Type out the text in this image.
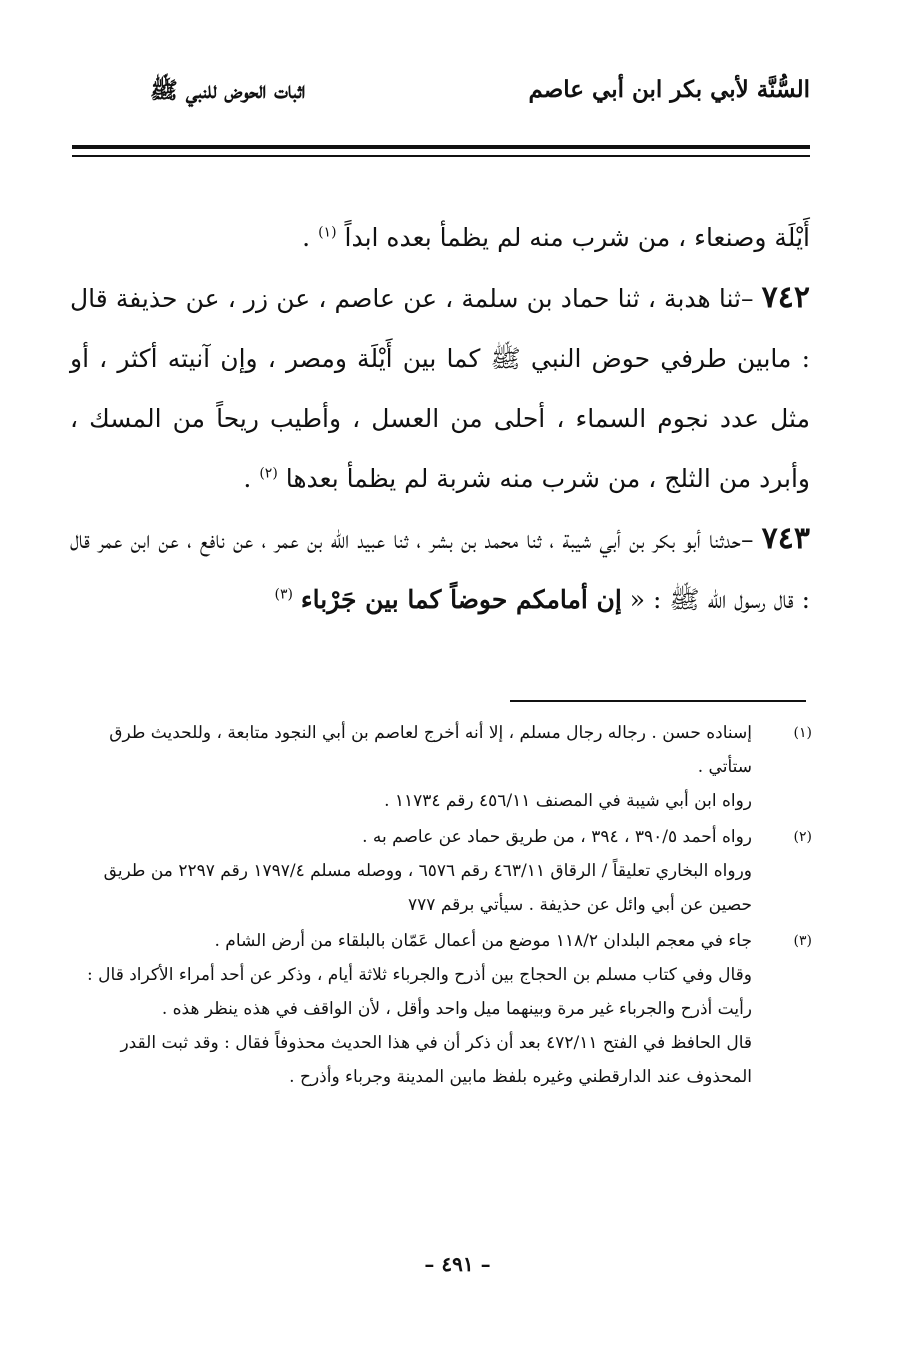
السُّنَّة لأبي بكر ابن أبي عاصم
اثبات الحوض للنبي ﷺ

أَيْلَة وصنعاء ، من شرب منه لم يظمأ بعده ابداً $^{(١)}$ .

٧٤٢ –ثنا هدبة ، ثنا حماد بن سلمة ، عن عاصم ، عن زر ، عن حذيفة قال : مابين طرفي حوض النبي ﷺ كما بين أَيْلَة ومصر ، وإن آنيته أكثر ، أو مثل عدد نجوم السماء ، أحلى من العسل ، وأطيب ريحاً من المسك ، وأبرد من الثلج ، من شرب منه شربة لم يظمأ بعدها $^{(٢)}$ .

٧٤٣ –حدثنا أبو بكر بن أبي شيبة ، ثنا محمد بن بشر ، ثنا عبيد الله بن عمر ، عن نافع ، عن ابن عمر قال : قال رسول الله ﷺ : « إن أمامكم حوضاً كما بين جَرْباء $^{(٣)}$

(١)
إسناده حسن . رجاله رجال مسلم ، إلا أنه أخرج لعاصم بن أبي النجود متابعة ، وللحديث طرق ستأتي .
رواه ابن أبي شيبة في المصنف ٤٥٦/١١ رقم ١١٧٣٤ .
(٢)
رواه أحمد ٣٩٠/٥ ، ٣٩٤ ، من طريق حماد عن عاصم به .
ورواه البخاري تعليقاً / الرقاق ٤٦٣/١١ رقم ٦٥٧٦ ، ووصله مسلم ١٧٩٧/٤ رقم ٢٢٩٧ من طريق حصين عن أبي وائل عن حذيفة . سيأتي برقم ٧٧٧
(٣)
جاء في معجم البلدان ١١٨/٢ موضع من أعمال عَمّان بالبلقاء من أرض الشام .
وقال وفي كتاب مسلم بن الحجاج بين أذرح والجرباء ثلاثة أيام ، وذكر عن أحد أمراء الأكراد قال : رأيت أذرح والجرباء غير مرة وبينهما ميل واحد وأقل ، لأن الواقف في هذه ينظر هذه .
قال الحافظ في الفتح ٤٧٢/١١ بعد أن ذكر أن في هذا الحديث محذوفاً فقال : وقد ثبت القدر المحذوف عند الدارقطني وغيره بلفظ مابين المدينة وجرباء وأذرح .
– ٤٩١ –
